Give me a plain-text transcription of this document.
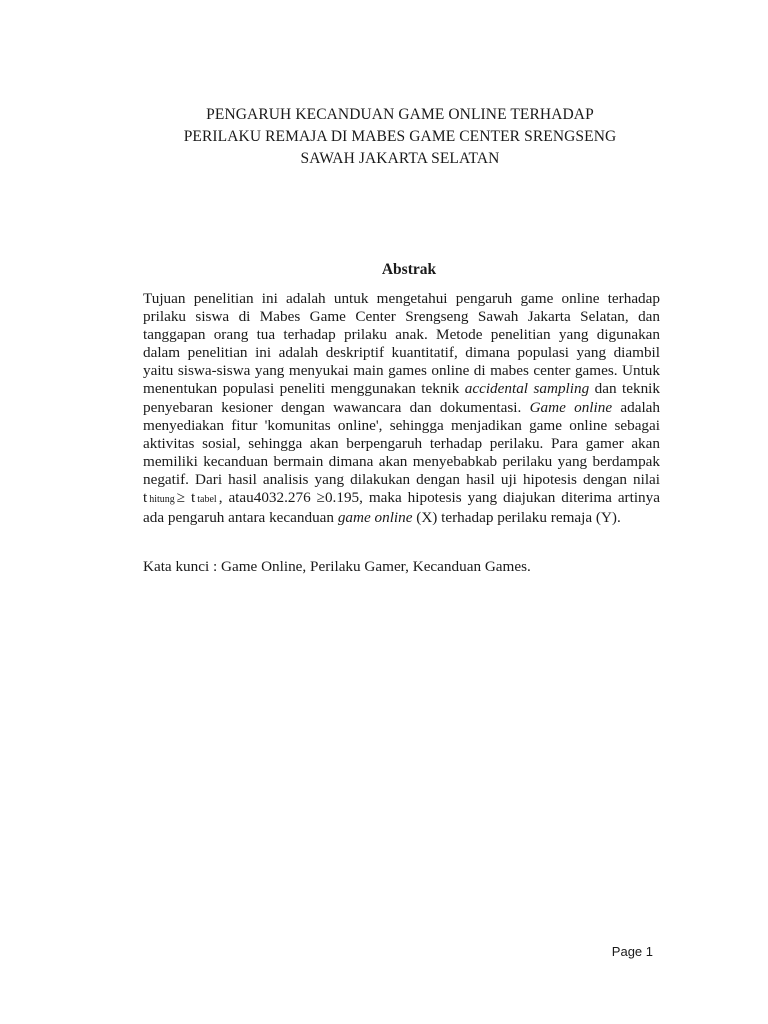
PENGARUH KECANDUAN GAME ONLINE TERHADAP
PERILAKU REMAJA DI MABES GAME CENTER SRENGSENG
SAWAH JAKARTA SELATAN
Abstrak
Tujuan penelitian ini adalah untuk mengetahui pengaruh game online terhadap prilaku siswa di Mabes Game Center Srengseng Sawah Jakarta Selatan, dan tanggapan orang tua terhadap prilaku anak. Metode penelitian yang digunakan dalam penelitian ini adalah deskriptif kuantitatif, dimana populasi yang diambil yaitu siswa-siswa yang menyukai main games online di mabes center games. Untuk menentukan populasi peneliti menggunakan teknik accidental sampling dan teknik penyebaran kesioner dengan wawancara dan dokumentasi. Game online adalah menyediakan fitur 'komunitas online', sehingga menjadikan game online sebagai aktivitas sosial, sehingga akan berpengaruh terhadap perilaku. Para gamer akan memiliki kecanduan bermain dimana akan menyebabkab perilaku yang berdampak negatif. Dari hasil analisis yang dilakukan dengan hasil uji hipotesis dengan nilai t hitung ≥ t tabel , atau4032.276 ≥0.195, maka hipotesis yang diajukan diterima artinya ada pengaruh antara kecanduan game online (X) terhadap perilaku remaja (Y).
Kata kunci : Game Online, Perilaku Gamer, Kecanduan Games.
Page 1
